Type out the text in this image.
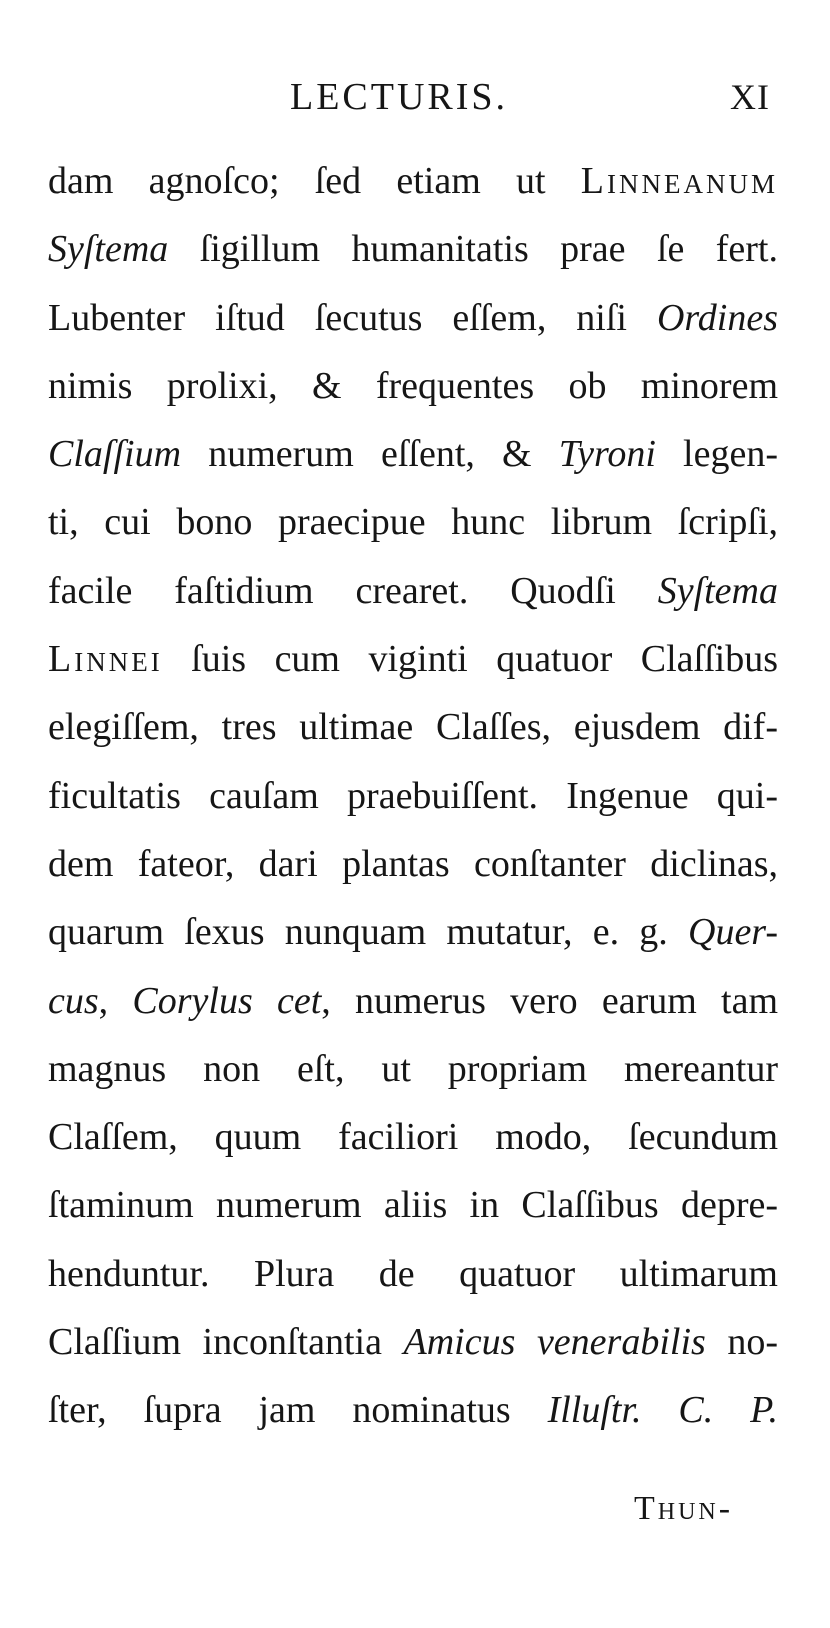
LECTURIS.	XI
dam agnoſco; ſed etiam ut Linneanum
Syſtema ſigillum humanitatis prae ſe fert.
Lubenter iſtud ſecutus eſſem, niſi Ordines
nimis prolixi, & frequentes ob minorem
Claſſium numerum eſſent, & Tyroni legen-
ti, cui bono praecipue hunc librum ſcripſi,
facile faſtidium crearet. Quodſi Syſtema
Linnei ſuis cum viginti quatuor Claſſibus
elegiſſem, tres ultimae Claſſes, ejusdem dif-
ficultatis cauſam praebuiſſent. Ingenue qui-
dem fateor, dari plantas conſtanter diclinas,
quarum ſexus nunquam mutatur, e. g. Quer-
cus, Corylus cet, numerus vero earum tam
magnus non eſt, ut propriam mereantur
Claſſem, quum faciliori modo, ſecundum
ſtaminum numerum aliis in Claſſibus depre-
henduntur. Plura de quatuor ultimarum
Claſſium inconſtantia Amicus venerabilis no-
ſter, ſupra jam nominatus Illuſtr. C. P.
Thun-
